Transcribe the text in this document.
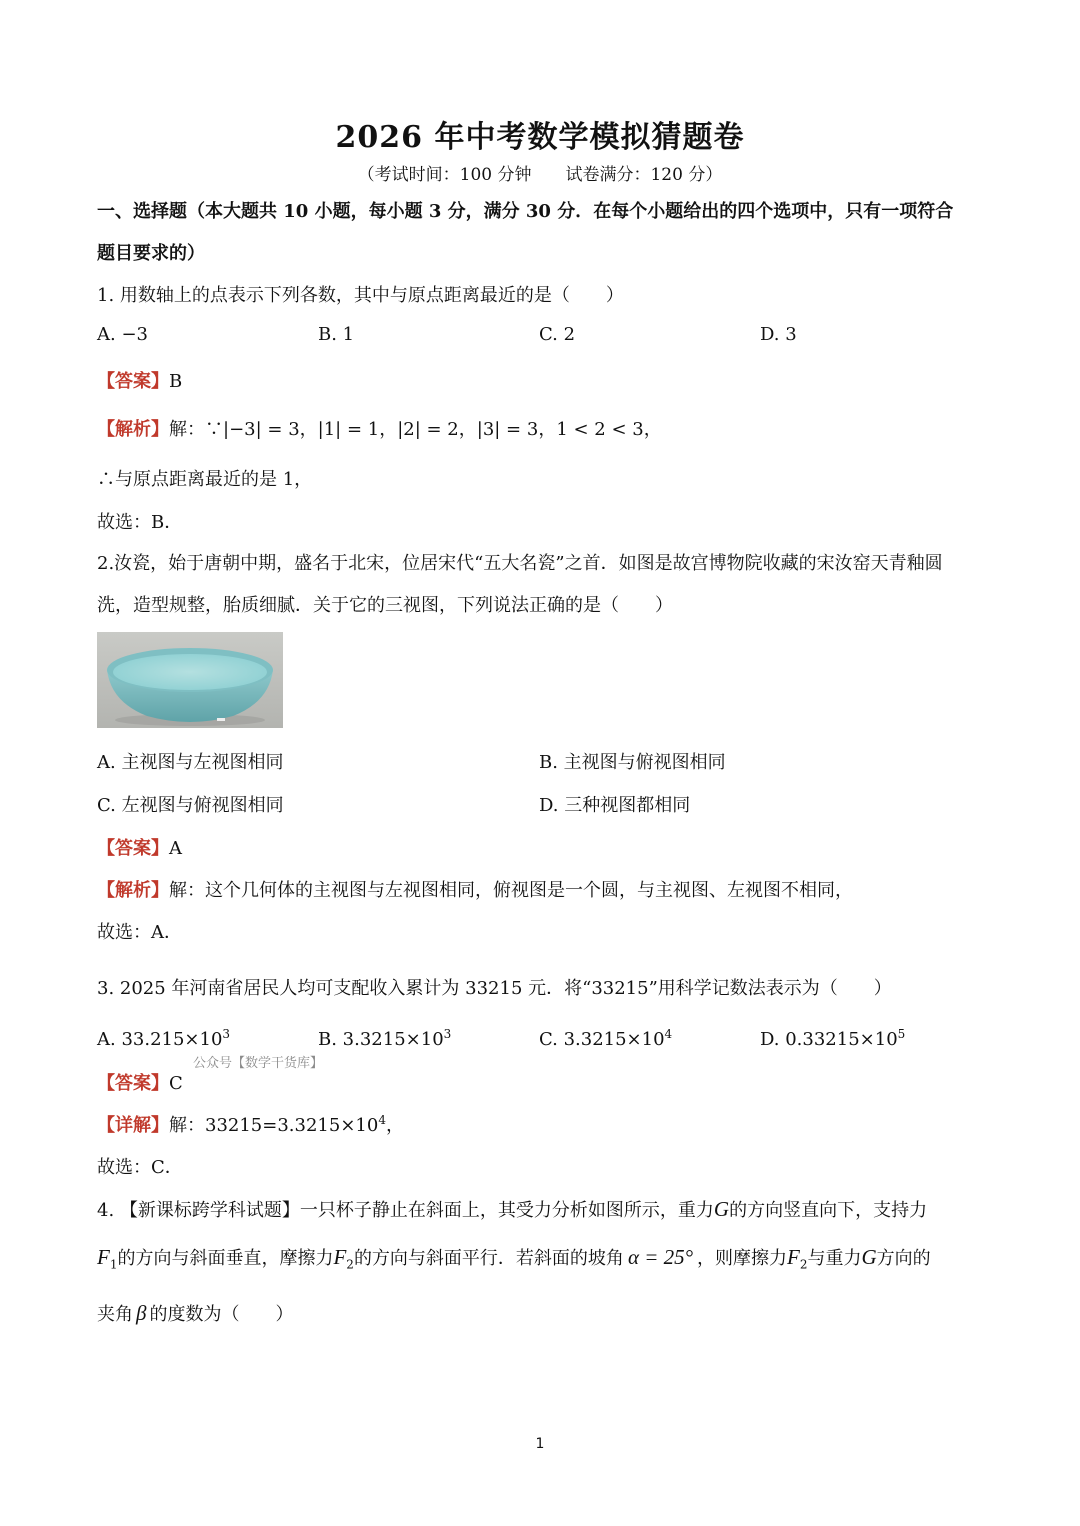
2026 年中考数学模拟猜题卷
（考试时间：100 分钟　　试卷满分：120 分）
一、选择题（本大题共 10 小题，每小题 3 分，满分 30 分．在每个小题给出的四个选项中，只有一项符合
题目要求的）
1. 用数轴上的点表示下列各数，其中与原点距离最近的是（　　）
A. −3	B. 1	C. 2	D. 3
【答案】B
【解析】解：∵|−3| = 3，|1| = 1，|2| = 2，|3| = 3，1 < 2 < 3，
∴与原点距离最近的是 1，
故选：B．
2.汝瓷，始于唐朝中期，盛名于北宋，位居宋代“五大名瓷”之首．如图是故宫博物院收藏的宋汝窑天青釉圆
洗，造型规整，胎质细腻．关于它的三视图，下列说法正确的是（　　）
A. 主视图与左视图相同	B. 主视图与俯视图相同
C. 左视图与俯视图相同	D. 三种视图都相同
【答案】A
【解析】解：这个几何体的主视图与左视图相同，俯视图是一个圆，与主视图、左视图不相同，
故选：A．
3. 2025 年河南省居民人均可支配收入累计为 33215 元．将“33215”用科学记数法表示为（　　）
A. $33.215\times 10^3$	B. $3.3215\times 10^3$	C. $3.3215\times 10^4$	D. $0.33215\times 10^5$
公众号【数学干货库】
【答案】C
【详解】解：$33215=3.3215\times 10^4$，
故选：C．
4. 【新课标跨学科试题】一只杯子静止在斜面上，其受力分析如图所示，重力G的方向竖直向下，支持力
$F_1$的方向与斜面垂直，摩擦力$F_2$的方向与斜面平行．若斜面的坡角 α = 25° ，则摩擦力$F_2$与重力G方向的
夹角 β 的度数为（　　）
1
